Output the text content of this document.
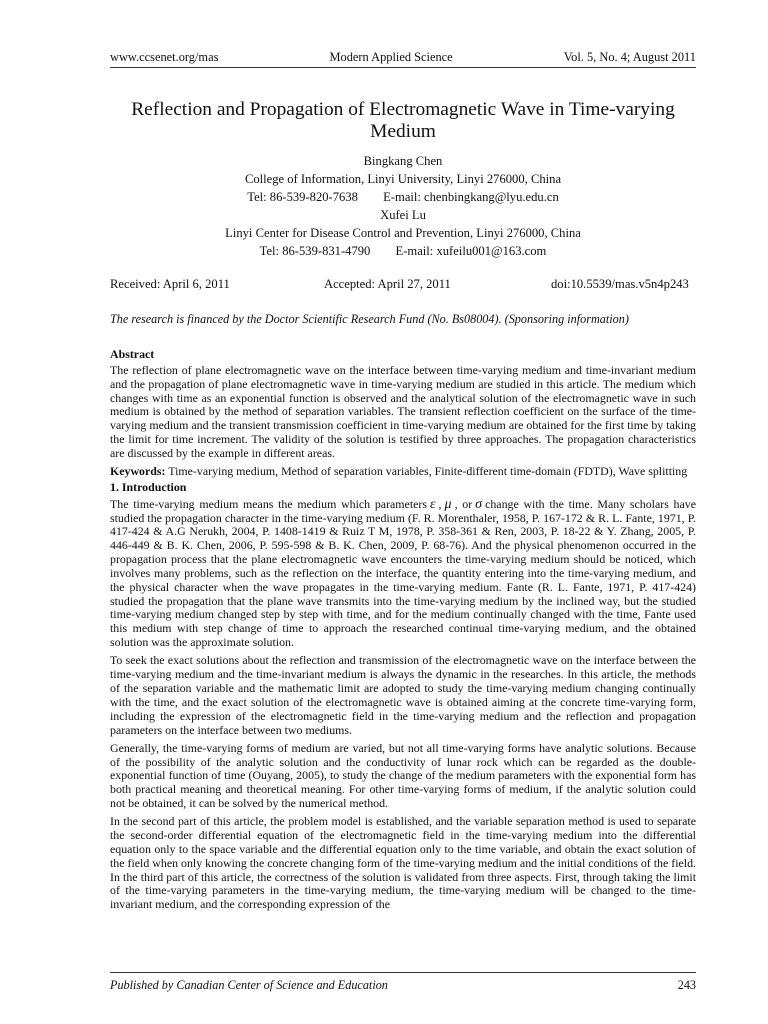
www.ccsenet.org/mas	Modern Applied Science	Vol. 5, No. 4; August 2011
Reflection and Propagation of Electromagnetic Wave in Time-varying Medium
Bingkang Chen
College of Information, Linyi University, Linyi 276000, China
Tel: 86-539-820-7638        E-mail: chenbingkang@lyu.edu.cn
Xufei Lu
Linyi Center for Disease Control and Prevention, Linyi 276000, China
Tel: 86-539-831-4790        E-mail: xufeilu001@163.com
Received: April 6, 2011	Accepted: April 27, 2011	doi:10.5539/mas.v5n4p243
The research is financed by the Doctor Scientific Research Fund (No. Bs08004). (Sponsoring information)
Abstract

The reflection of plane electromagnetic wave on the interface between time-varying medium and time-invariant medium and the propagation of plane electromagnetic wave in time-varying medium are studied in this article. The medium which changes with time as an exponential function is observed and the analytical solution of the electromagnetic wave in such medium is obtained by the method of separation variables. The transient reflection coefficient on the surface of the time-varying medium and the transient transmission coefficient in time-varying medium are obtained for the first time by taking the limit for time increment. The validity of the solution is testified by three approaches. The propagation characteristics are discussed by the example in different areas.

Keywords: Time-varying medium, Method of separation variables, Finite-different time-domain (FDTD), Wave splitting

1. Introduction

The time-varying medium means the medium which parameters ε , μ , or σ change with the time. Many scholars have studied the propagation character in the time-varying medium (F. R. Morenthaler, 1958, P. 167-172 & R. L. Fante, 1971, P. 417-424 & A.G Nerukh, 2004, P. 1408-1419 & Ruiz T M, 1978, P. 358-361 & Ren, 2003, P. 18-22 & Y. Zhang, 2005, P. 446-449 & B. K. Chen, 2006, P. 595-598 & B. K. Chen, 2009, P. 68-76). And the physical phenomenon occurred in the propagation process that the plane electromagnetic wave encounters the time-varying medium should be noticed, which involves many problems, such as the reflection on the interface, the quantity entering into the time-varying medium, and the physical character when the wave propagates in the time-varying medium. Fante (R. L. Fante, 1971, P. 417-424) studied the propagation that the plane wave transmits into the time-varying medium by the inclined way, but the studied time-varying medium changed step by step with time, and for the medium continually changed with the time, Fante used this medium with step change of time to approach the researched continual time-varying medium, and the obtained solution was the approximate solution.

To seek the exact solutions about the reflection and transmission of the electromagnetic wave on the interface between the time-varying medium and the time-invariant medium is always the dynamic in the researches. In this article, the methods of the separation variable and the mathematic limit are adopted to study the time-varying medium changing continually with the time, and the exact solution of the electromagnetic wave is obtained aiming at the concrete time-varying form, including the expression of the electromagnetic field in the time-varying medium and the reflection and propagation parameters on the interface between two mediums.

Generally, the time-varying forms of medium are varied, but not all time-varying forms have analytic solutions. Because of the possibility of the analytic solution and the conductivity of lunar rock which can be regarded as the double-exponential function of time (Ouyang, 2005), to study the change of the medium parameters with the exponential form has both practical meaning and theoretical meaning. For other time-varying forms of medium, if the analytic solution could not be obtained, it can be solved by the numerical method.

In the second part of this article, the problem model is established, and the variable separation method is used to separate the second-order differential equation of the electromagnetic field in the time-varying medium into the differential equation only to the space variable and the differential equation only to the time variable, and obtain the exact solution of the field when only knowing the concrete changing form of the time-varying medium and the initial conditions of the field. In the third part of this article, the correctness of the solution is validated from three aspects. First, through taking the limit of the time-varying parameters in the time-varying medium, the time-varying medium will be changed to the time-invariant medium, and the corresponding expression of the

Published by Canadian Center of Science and Education	243
